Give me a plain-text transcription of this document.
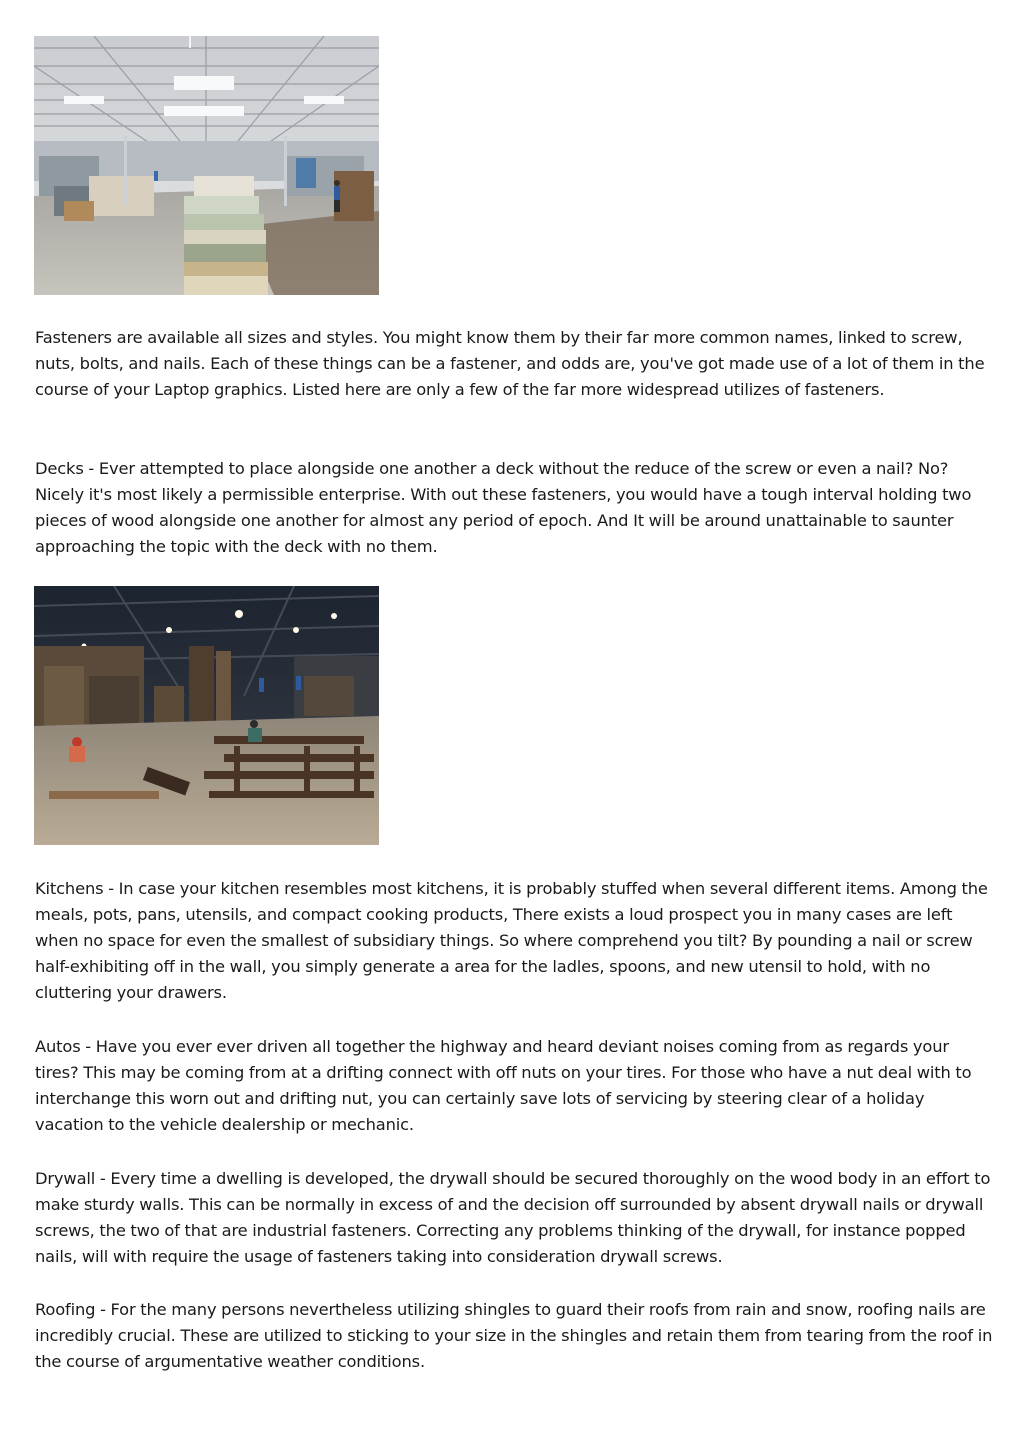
Fasteners are available all sizes and styles. You might know them by their far more common names, linked to screw, nuts, bolts, and nails. Each of these things can be a fastener, and odds are, you've got made use of a lot of them in the course of your Laptop graphics. Listed here are only a few of the far more widespread utilizes of fasteners.

Decks - Ever attempted to place alongside one another a deck without the reduce of the screw or even a nail? No? Nicely it's most likely a permissible enterprise. With out these fasteners, you would have a tough interval holding two pieces of wood alongside one another for almost any period of epoch. And It will be around unattainable to saunter approaching the topic with the deck with no them.

Kitchens - In case your kitchen resembles most kitchens, it is probably stuffed when several different items. Among the meals, pots, pans, utensils, and compact cooking products, There exists a loud prospect you in many cases are left when no space for even the smallest of subsidiary things. So where comprehend you tilt? By pounding a nail or screw half-exhibiting off in the wall, you simply generate a area for the ladles, spoons, and new utensil to hold, with no cluttering your drawers.

Autos - Have you ever ever driven all together the highway and heard deviant noises coming from as regards your tires? This may be coming from at a drifting connect with off nuts on your tires. For those who have a nut deal with to interchange this worn out and drifting nut, you can certainly save lots of servicing by steering clear of a holiday vacation to the vehicle dealership or mechanic.

Drywall - Every time a dwelling is developed, the drywall should be secured thoroughly on the wood body in an effort to make sturdy walls. This can be normally in excess of and the decision off surrounded by absent drywall nails or drywall screws, the two of that are industrial fasteners. Correcting any problems thinking of the drywall, for instance popped nails, will with require the usage of fasteners taking into consideration drywall screws.

Roofing - For the many persons nevertheless utilizing shingles to guard their roofs from rain and snow, roofing nails are incredibly crucial. These are utilized to sticking to your size in the shingles and retain them from tearing from the roof in the course of argumentative weather conditions.
